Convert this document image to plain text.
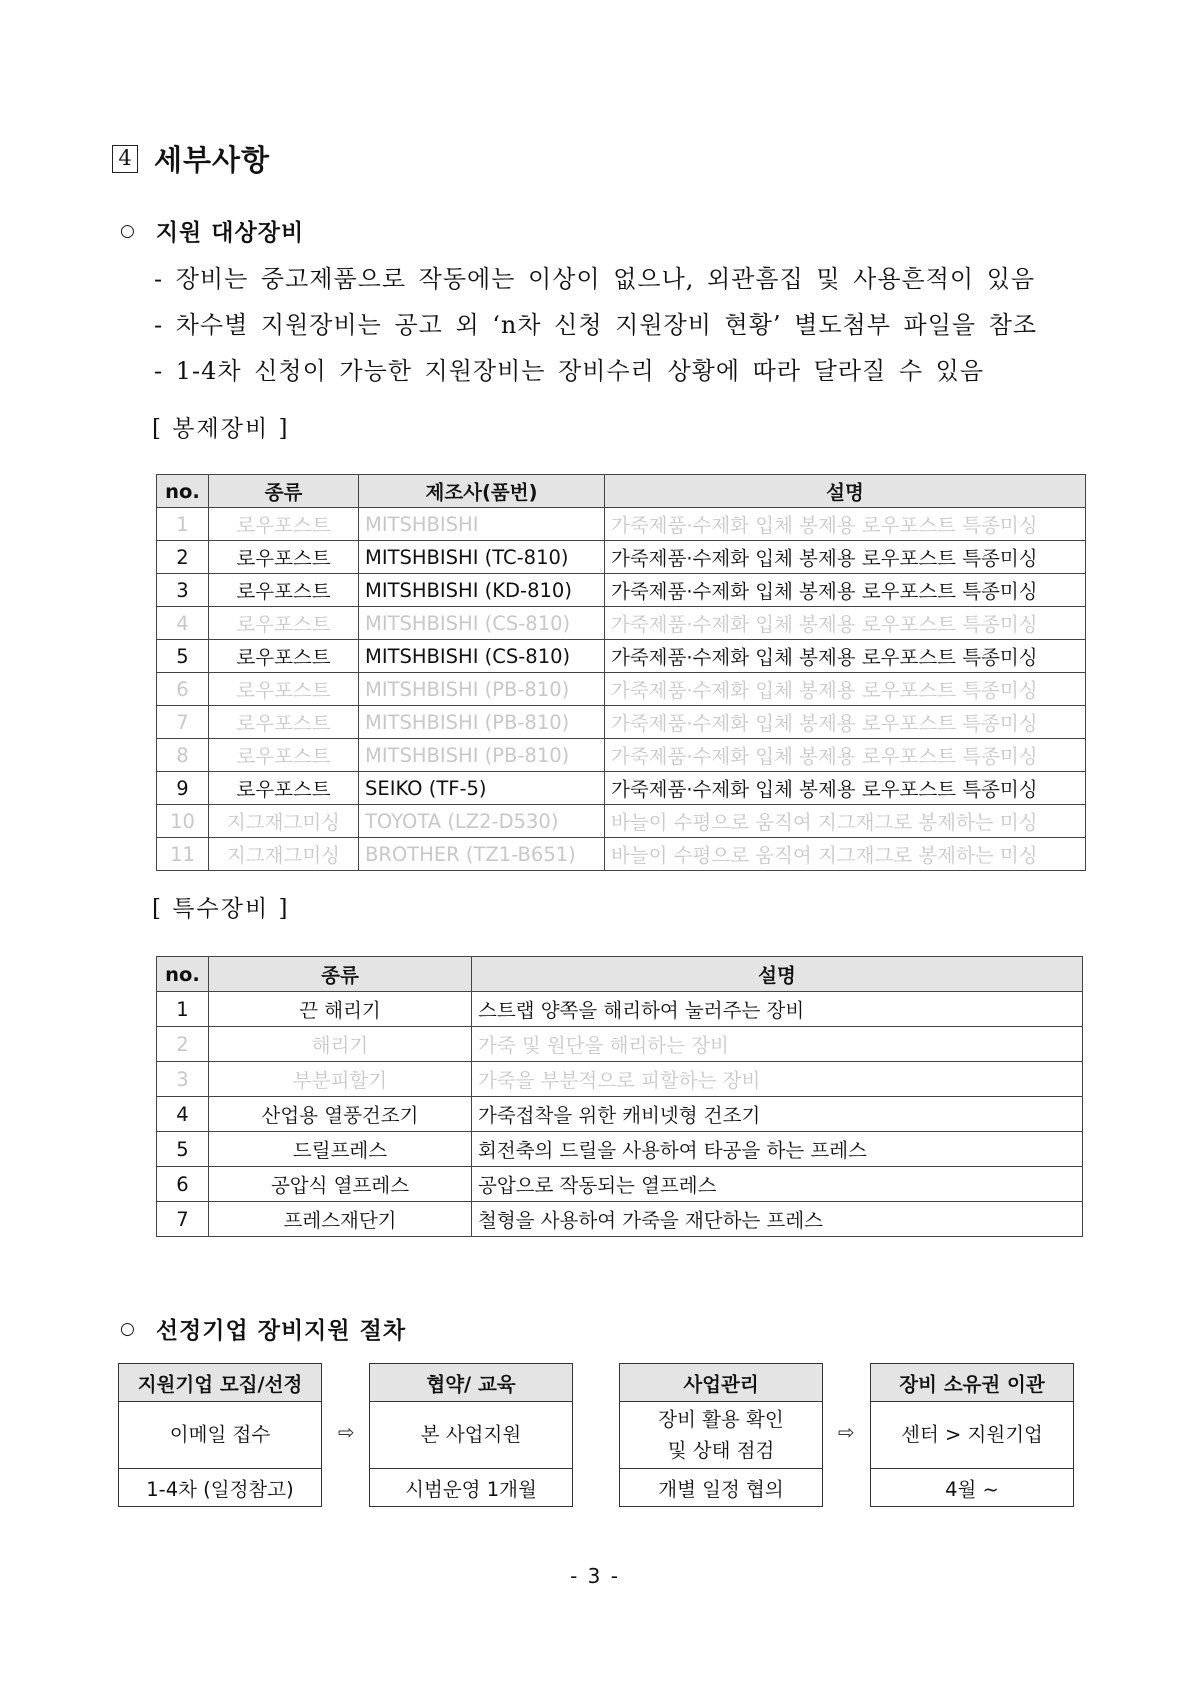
4 세부사항
○ 지원 대상장비
- 장비는 중고제품으로 작동에는 이상이 없으나, 외관흠집 및 사용흔적이 있음
- 차수별 지원장비는 공고 외 ‘n차 신청 지원장비 현황’ 별도첨부 파일을 참조
- 1-4차 신청이 가능한 지원장비는 장비수리 상황에 따라 달라질 수 있음
[ 봉제장비 ]
no.	종류	제조사(품번)	설명
1	로우포스트	MITSHBISHI	가죽제품·수제화 입체 봉제용 로우포스트 특종미싱
2	로우포스트	MITSHBISHI (TC-810)	가죽제품·수제화 입체 봉제용 로우포스트 특종미싱
3	로우포스트	MITSHBISHI (KD-810)	가죽제품·수제화 입체 봉제용 로우포스트 특종미싱
4	로우포스트	MITSHBISHI (CS-810)	가죽제품·수제화 입체 봉제용 로우포스트 특종미싱
5	로우포스트	MITSHBISHI (CS-810)	가죽제품·수제화 입체 봉제용 로우포스트 특종미싱
6	로우포스트	MITSHBISHI (PB-810)	가죽제품·수제화 입체 봉제용 로우포스트 특종미싱
7	로우포스트	MITSHBISHI (PB-810)	가죽제품·수제화 입체 봉제용 로우포스트 특종미싱
8	로우포스트	MITSHBISHI (PB-810)	가죽제품·수제화 입체 봉제용 로우포스트 특종미싱
9	로우포스트	SEIKO (TF-5)	가죽제품·수제화 입체 봉제용 로우포스트 특종미싱
10	지그재그미싱	TOYOTA (LZ2-D530)	바늘이 수평으로 움직여 지그재그로 봉제하는 미싱
11	지그재그미싱	BROTHER (TZ1-B651)	바늘이 수평으로 움직여 지그재그로 봉제하는 미싱
[ 특수장비 ]
no.	종류	설명
1	끈 해리기	스트랩 양쪽을 해리하여 눌러주는 장비
2	해리기	가죽 및 원단을 해리하는 장비
3	부분피할기	가죽을 부분적으로 피할하는 장비
4	산업용 열풍건조기	가죽접착을 위한 캐비넷형 건조기
5	드릴프레스	회전축의 드릴을 사용하여 타공을 하는 프레스
6	공압식 열프레스	공압으로 작동되는 열프레스
7	프레스재단기	철형을 사용하여 가죽을 재단하는 프레스
○ 선정기업 장비지원 절차
지원기업 모집/선정
이메일 접수
1-4차 (일정참고)
⇨
협약/ 교육
본 사업지원
시범운영 1개월
사업관리
장비 활용 확인
및 상태 점검
개별 일정 협의
⇨
장비 소유권 이관
센터 > 지원기업
4월 ~
- 3 -
